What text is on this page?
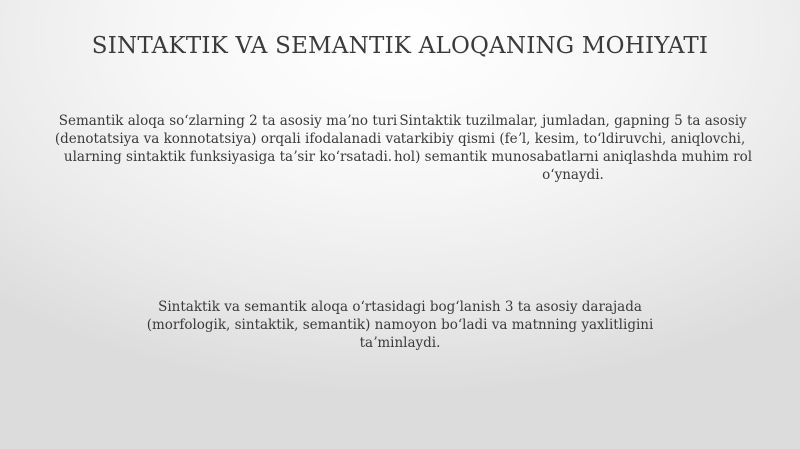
SINTAKTIK VA SEMANTIK ALOQANING MOHIYATI
Semantik aloqa soʻzlarning 2 ta asosiy maʼno turi (denotatsiya va konnotatsiya) orqali ifodalanadi va ularning sintaktik funksiyasiga taʼsir koʻrsatadi.
Sintaktik tuzilmalar, jumladan, gapning 5 ta asosiy tarkibiy qismi (feʼl, kesim, toʻldiruvchi, aniqlovchi, hol) semantik munosabatlarni aniqlashda muhim rol oʻynaydi.
Sintaktik va semantik aloqa oʻrtasidagi bogʻlanish 3 ta asosiy darajada (morfologik, sintaktik, semantik) namoyon boʻladi va matnning yaxlitligini taʼminlaydi.
